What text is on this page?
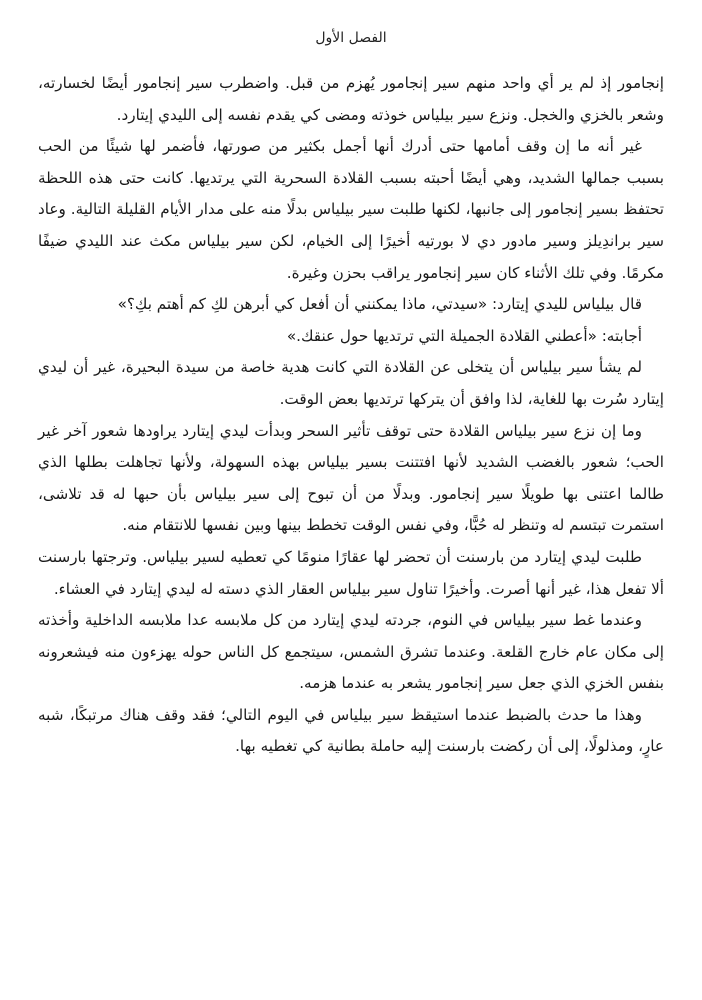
الفصل الأول

إنجامور إذ لم ير أي واحد منهم سير إنجامور يُهزم من قبل. واضطرب سير إنجامور أيضًا لخسارته، وشعر بالخزي والخجل. ونزع سير بيلياس خوذته ومضى كي يقدم نفسه إلى الليدي إيتارد.

غير أنه ما إن وقف أمامها حتى أدرك أنها أجمل بكثير من صورتها، فأضمر لها شيئًا من الحب بسبب جمالها الشديد، وهي أيضًا أحبته بسبب القلادة السحرية التي يرتديها. كانت حتى هذه اللحظة تحتفظ بسير إنجامور إلى جانبها، لكنها طلبت سير بيلياس بدلًا منه على مدار الأيام القليلة التالية. وعاد سير براندِيلز وسير مادور دي لا بورتيه أخيرًا إلى الخيام، لكن سير بيلياس مكث عند الليدي ضيفًا مكرمًا. وفي تلك الأثناء كان سير إنجامور يراقب بحزن وغيرة.

قال بيلياس لليدي إيتارد: «سيدتي، ماذا يمكنني أن أفعل كي أبرهن لكِ كم أهتم بكِ؟»

أجابته: «أعطني القلادة الجميلة التي ترتديها حول عنقك.»

لم يشأ سير بيلياس أن يتخلى عن القلادة التي كانت هدية خاصة من سيدة البحيرة، غير أن ليدي إيتارد سُرت بها للغاية، لذا وافق أن يتركها ترتديها بعض الوقت.

وما إن نزع سير بيلياس القلادة حتى توقف تأثير السحر وبدأت ليدي إيتارد يراودها شعور آخر غير الحب؛ شعور بالغضب الشديد لأنها افتتنت بسير بيلياس بهذه السهولة، ولأنها تجاهلت بطلها الذي طالما اعتنى بها طويلًا سير إنجامور. وبدلًا من أن تبوح إلى سير بيلياس بأن حبها له قد تلاشى، استمرت تبتسم له وتنظر له حُبًّا، وفي نفس الوقت تخطط بينها وبين نفسها للانتقام منه.

طلبت ليدي إيتارد من بارسنت أن تحضر لها عقارًا منومًا كي تعطيه لسير بيلياس. وترجتها بارسنت ألا تفعل هذا، غير أنها أصرت. وأخيرًا تناول سير بيلياس العقار الذي دسته له ليدي إيتارد في العشاء.

وعندما غط سير بيلياس في النوم، جردته ليدي إيتارد من كل ملابسه عدا ملابسه الداخلية وأخذته إلى مكان عام خارج القلعة. وعندما تشرق الشمس، سيتجمع كل الناس حوله يهزءون منه فيشعرونه بنفس الخزي الذي جعل سير إنجامور يشعر به عندما هزمه.

وهذا ما حدث بالضبط عندما استيقظ سير بيلياس في اليوم التالي؛ فقد وقف هناك مرتبكًا، شبه عارٍ، ومذلولًا، إلى أن ركضت بارسنت إليه حاملة بطانية كي تغطيه بها.
